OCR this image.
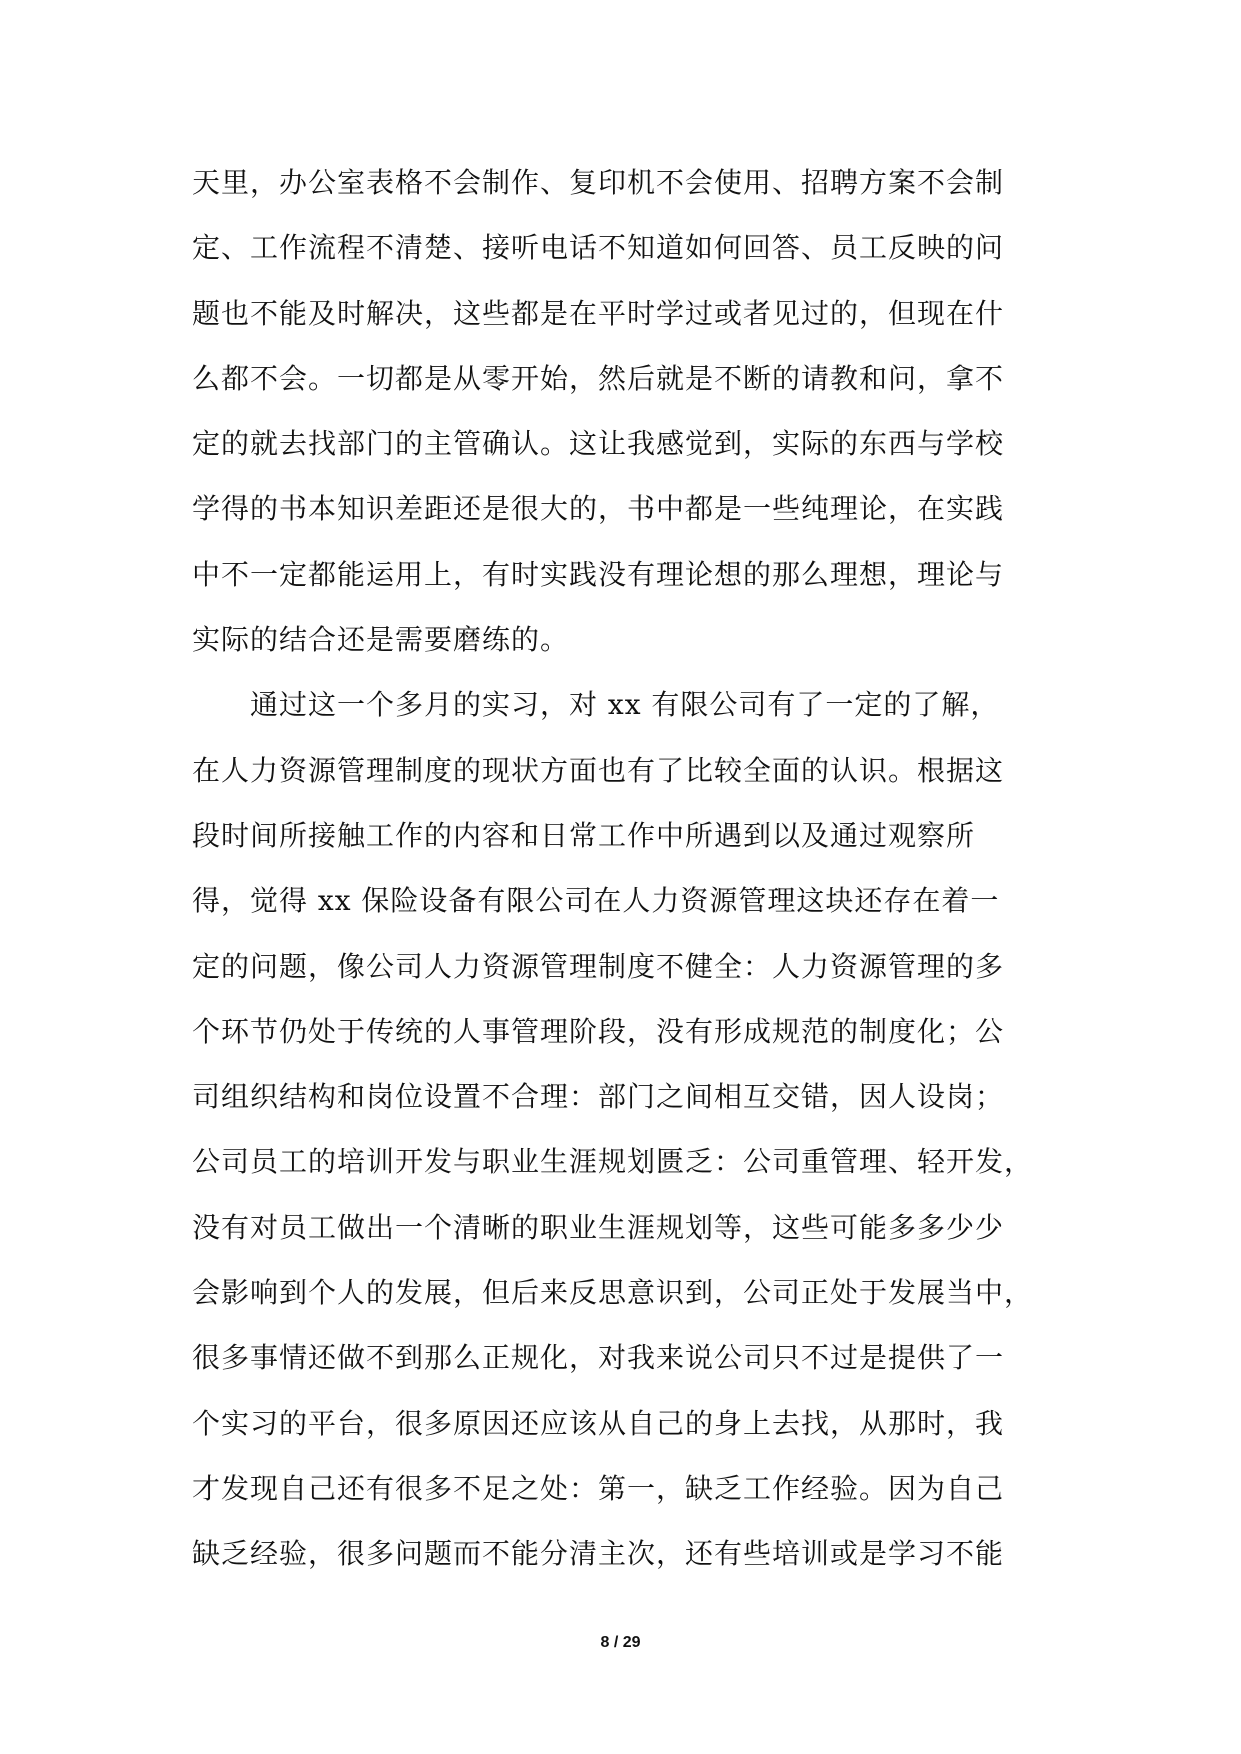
天里，办公室表格不会制作、复印机不会使用、招聘方案不会制
定、工作流程不清楚、接听电话不知道如何回答、员工反映的问
题也不能及时解决，这些都是在平时学过或者见过的，但现在什
么都不会。一切都是从零开始，然后就是不断的请教和问，拿不
定的就去找部门的主管确认。这让我感觉到，实际的东西与学校
学得的书本知识差距还是很大的，书中都是一些纯理论，在实践
中不一定都能运用上，有时实践没有理论想的那么理想，理论与
实际的结合还是需要磨练的。
通过这一个多月的实习，对 xx 有限公司有了一定的了解，
在人力资源管理制度的现状方面也有了比较全面的认识。根据这
段时间所接触工作的内容和日常工作中所遇到以及通过观察所
得，觉得 xx 保险设备有限公司在人力资源管理这块还存在着一
定的问题，像公司人力资源管理制度不健全：人力资源管理的多
个环节仍处于传统的人事管理阶段，没有形成规范的制度化；公
司组织结构和岗位设置不合理：部门之间相互交错，因人设岗；
公司员工的培训开发与职业生涯规划匮乏：公司重管理、轻开发，
没有对员工做出一个清晰的职业生涯规划等，这些可能多多少少
会影响到个人的发展，但后来反思意识到，公司正处于发展当中，
很多事情还做不到那么正规化，对我来说公司只不过是提供了一
个实习的平台，很多原因还应该从自己的身上去找，从那时，我
才发现自己还有很多不足之处：第一，缺乏工作经验。因为自己
缺乏经验，很多问题而不能分清主次，还有些培训或是学习不能
8 / 29
